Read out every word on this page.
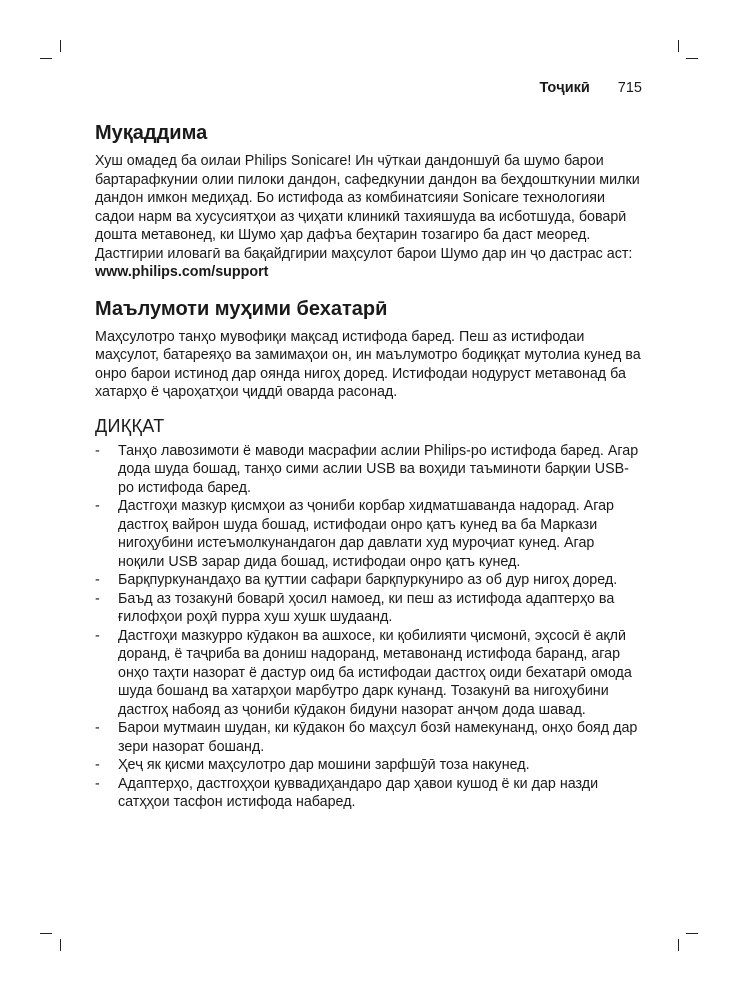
Тоҷикӣ 715
Муқаддима

Хуш омадед ба оилаи Philips Sonicare! Ин чӯткаи дандоншуӣ ба шумо барои бартарафкунии олии пилоки дандон, сафедкунии дандон ва беҳдошткунии милки дандон имкон медиҳад. Бо истифода аз комбинатсияи Sonicare технологияи садои нарм ва хусусиятҳои аз ҷиҳати клиникӣ тахияшуда ва исботшуда, боварӣ дошта метавонед, ки Шумо ҳар дафъа беҳтарин тозагиро ба даст меоред.

Дастгирии иловагӣ ва бақайдгирии маҳсулот барои Шумо дар ин ҷо дастрас аст: www.philips.com/support

Маълумоти муҳими бехатарӣ

Маҳсулотро танҳо мувофиқи мақсад истифода баред. Пеш аз истифодаи маҳсулот, батареяҳо ва замимаҳои он, ин маълумотро бодиққат мутолиа кунед ва онро барои истинод дар оянда нигоҳ доред. Истифодаи нодуруст метавонад ба хатарҳо ё ҷароҳатҳои ҷиддӣ оварда расонад.

ДИҚҚАТ
- Танҳо лавозимоти ё маводи масрафии аслии Philips-ро истифода баред. Агар дода шуда бошад, танҳо сими аслии USB ва воҳиди таъминоти барқии USB-ро истифода баред.
- Дастгоҳи мазкур қисмҳои аз ҷониби корбар хидматшаванда надорад. Агар дастгоҳ вайрон шуда бошад, истифодаи онро қатъ кунед ва ба Маркази нигоҳубини истеъмолкунандагон дар давлати худ муроҷиат кунед. Агар ноқили USB зарар дида бошад, истифодаи онро қатъ кунед.
- Барқпуркунандаҳо ва қуттии сафари барқпуркуниро аз об дур нигоҳ доред.
- Баъд аз тозакунӣ боварӣ ҳосил намоед, ки пеш аз истифода адаптерҳо ва ғилофҳои роҳӣ пурра хуш хушк шудаанд.
- Дастгоҳи мазкурро кӯдакон ва ашхосе, ки қобилияти ҷисмонӣ, эҳсосӣ ё ақлӣ доранд, ё таҷриба ва дониш надоранд, метавонанд истифода баранд, агар онҳо таҳти назорат ё дастур оид ба истифодаи дастгоҳ оиди бехатарӣ омода шуда бошанд ва хатарҳои марбутро дарк кунанд. Тозакунӣ ва нигоҳубини дастгоҳ набояд аз ҷониби кӯдакон бидуни назорат анҷом дода шавад.
- Барои мутмаин шудан, ки кӯдакон бо маҳсул бозӣ намекунанд, онҳо бояд дар зери назорат бошанд.
- Ҳеҷ як қисми маҳсулотро дар мошини зарфшӯӣ тоза накунед.
- Адаптерҳо, дастгоҳҳои қуввадиҳандаро дар ҳавои кушод ё ки дар назди сатҳҳои тасфон истифода набаред.
